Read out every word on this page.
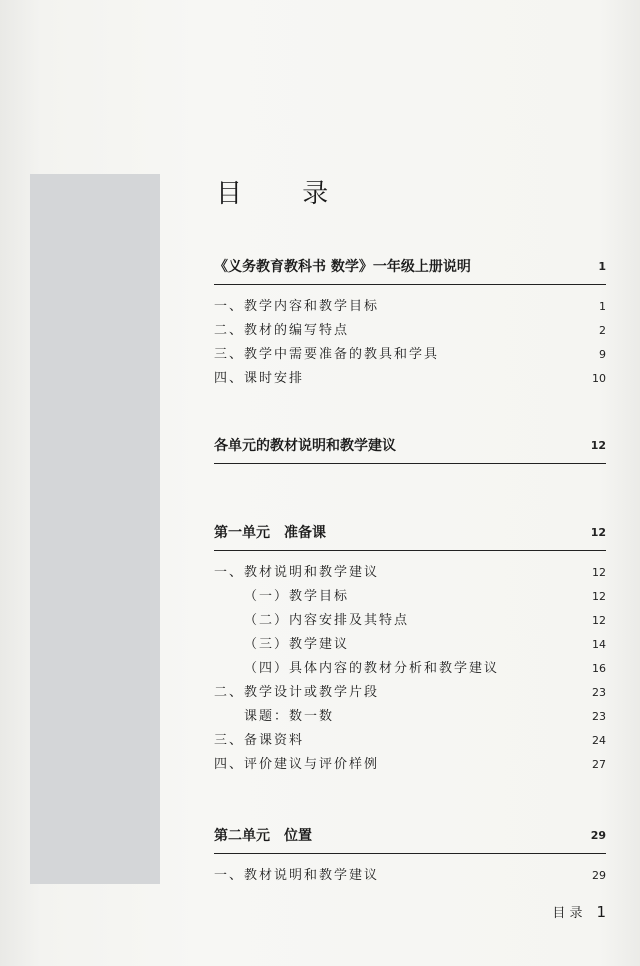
目 录
《义务教育教科书 数学》一年级上册说明	1
一、教学内容和教学目标	1
二、教材的编写特点	2
三、教学中需要准备的教具和学具	9
四、课时安排	10
各单元的教材说明和教学建议	12
第一单元　准备课	12
一、教材说明和教学建议	12
（一）教学目标	12
（二）内容安排及其特点	12
（三）教学建议	14
（四）具体内容的教材分析和教学建议	16
二、教学设计或教学片段	23
课题：数一数	23
三、备课资料	24
四、评价建议与评价样例	27
第二单元　位置	29
一、教材说明和教学建议	29
目 录 1
